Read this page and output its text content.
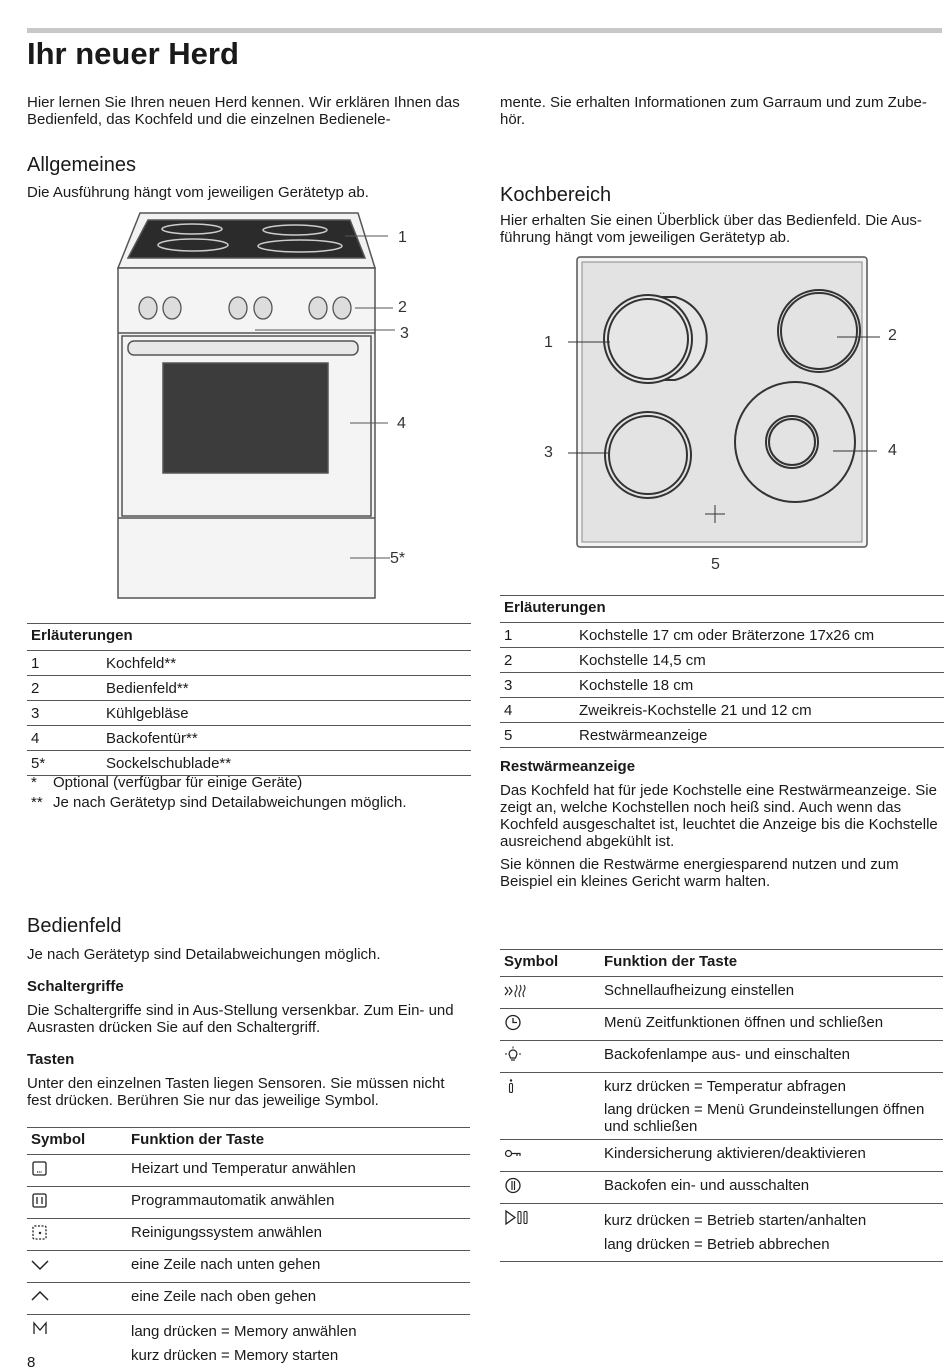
Ihr neuer Herd

Hier lernen Sie Ihren neuen Herd kennen. Wir erklären Ihnen das Bedienfeld, das Kochfeld und die einzelnen Bedienele-

mente. Sie erhalten Informationen zum Garraum und zum Zube-hör.

Allgemeines

Die Ausführung hängt vom jeweiligen Gerätetyp ab.

1
2
3
4
5*
Erläuterungen	
1	Kochfeld**
2	Bedienfeld**
3	Kühlgebläse
4	Backofentür**
5*	Sockelschublade**
* Optional (verfügbar für einige Geräte)
** Je nach Gerätetyp sind Detailabweichungen möglich.
Kochbereich

Hier erhalten Sie einen Überblick über das Bedienfeld. Die Aus-führung hängt vom jeweiligen Gerätetyp ab.

1	2
3	4
5
Erläuterungen	
1	Kochstelle 17 cm oder Bräterzone 17x26 cm
2	Kochstelle 14,5 cm
3	Kochstelle 18 cm
4	Zweikreis-Kochstelle 21 und 12 cm
5	Restwärmeanzeige
Restwärmeanzeige

Das Kochfeld hat für jede Kochstelle eine Restwärmeanzeige. Sie zeigt an, welche Kochstellen noch heiß sind. Auch wenn das Kochfeld ausgeschaltet ist, leuchtet die Anzeige bis die Kochstelle ausreichend abgekühlt ist.

Sie können die Restwärme energiesparend nutzen und zum Beispiel ein kleines Gericht warm halten.

Bedienfeld

Je nach Gerätetyp sind Detailabweichungen möglich.

Schaltergriffe

Die Schaltergriffe sind in Aus-Stellung versenkbar. Zum Ein- und Ausrasten drücken Sie auf den Schaltergriff.

Tasten

Unter den einzelnen Tasten liegen Sensoren. Sie müssen nicht fest drücken. Berühren Sie nur das jeweilige Symbol.

Symbol	Funktion der Taste

	Heizart und Temperatur anwählen

	Programmautomatik anwählen

	Reinigungssystem anwählen

	eine Zeile nach unten gehen

	eine Zeile nach oben gehen

lang drücken = Memory anwählen
kurz drücken = Memory starten
Symbol	Funktion der Taste

	Schnellaufheizung einstellen

	Menü Zeitfunktionen öffnen und schließen

	Backofenlampe aus- und einschalten

kurz drücken = Temperatur abfragen
lang drücken = Menü Grundeinstellungen öffnen und schließen

	Kindersicherung aktivieren/deaktivieren

	Backofen ein- und ausschalten

kurz drücken = Betrieb starten/anhalten
lang drücken = Betrieb abbrechen
8
